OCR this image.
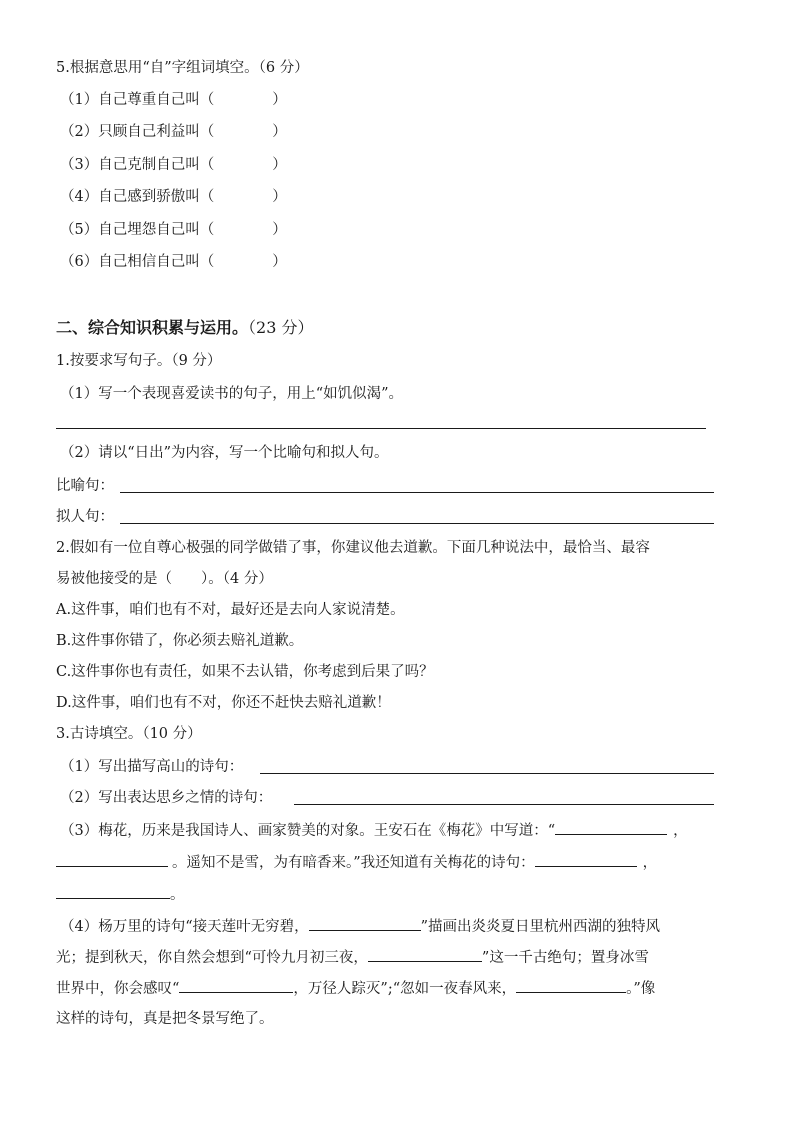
5.根据意思用“自”字组词填空。（6 分）
（1）自己尊重自己叫（	）
（2）只顾自己利益叫（	）
（3）自己克制自己叫（	）
（4）自己感到骄傲叫（	）
（5）自己埋怨自己叫（	）
（6）自己相信自己叫（	）
二、综合知识积累与运用。（23 分）
1.按要求写句子。（9 分）
（1）写一个表现喜爱读书的句子，用上“如饥似渴”。
（2）请以“日出”为内容，写一个比喻句和拟人句。
比喻句：
拟人句：
2.假如有一位自尊心极强的同学做错了事，你建议他去道歉。下面几种说法中，最恰当、最容
易被他接受的是（　　）。（4 分）
A.这件事，咱们也有不对，最好还是去向人家说清楚。
B.这件事你错了，你必须去赔礼道歉。
C.这件事你也有责任，如果不去认错，你考虑到后果了吗？
D.这件事，咱们也有不对，你还不赶快去赔礼道歉！
3.古诗填空。（10 分）
（1）写出描写高山的诗句：
（2）写出表达思乡之情的诗句：
（3）梅花，历来是我国诗人、画家赞美的对象。王安石在《梅花》中写道：“	，
。遥知不是雪，为有暗香来。”我还知道有关梅花的诗句：	，
。
（4）杨万里的诗句“接天莲叶无穷碧，	”描画出炎炎夏日里杭州西湖的独特风
光；提到秋天，你自然会想到“可怜九月初三夜，	”这一千古绝句；置身冰雪
世界中，你会感叹“	，万径人踪灭”;“忽如一夜春风来，	。”像
这样的诗句，真是把冬景写绝了。
